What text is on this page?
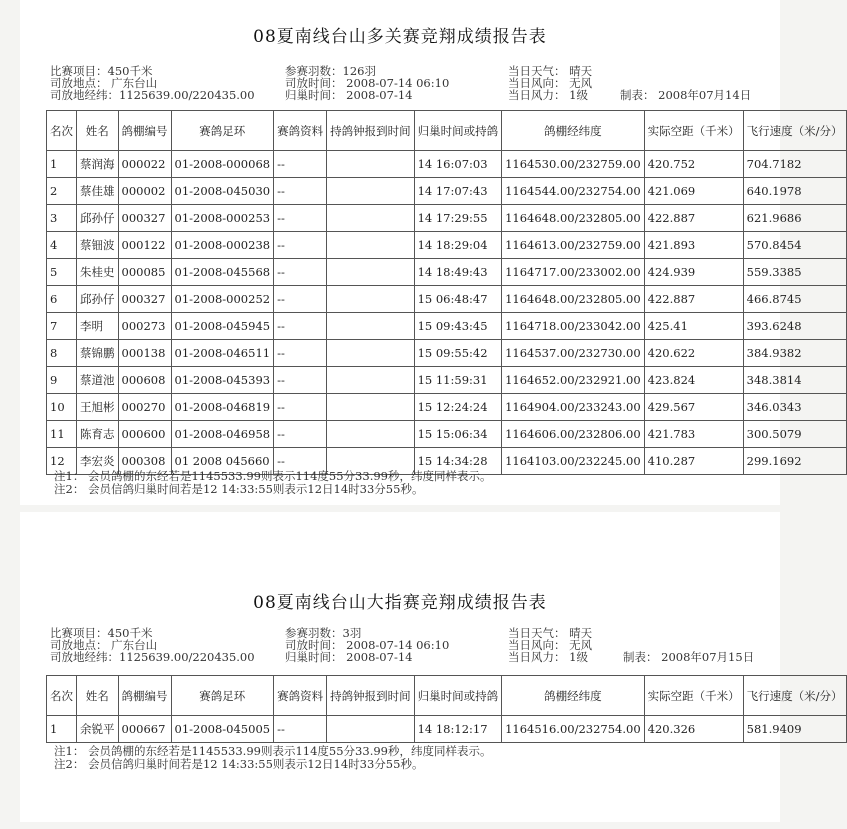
08夏南线台山多关赛竞翔成绩报告表
比赛项目：450千米
司放地点： 广东台山
司放地经纬：1125639.00/220435.00
参赛羽数：126羽
司放时间： 2008-07-14 06:10
归巢时间： 2008-07-14
当日天气： 晴天
当日风向： 无风
当日风力： 1级	制表： 2008年07月14日
名次	姓名	鸽棚编号	赛鸽足环	赛鸽资料	持鸽钟报到时间	归巢时间或持鸽	鸽棚经纬度	实际空距（千米）	飞行速度（米/分）
1	蔡润海	000022	01-2008-000068	--		14 16:07:03	1164530.00/232759.00	420.752	704.7182
2	蔡佳雄	000002	01-2008-045030	--		14 17:07:43	1164544.00/232754.00	421.069	640.1978
3	邱孙仔	000327	01-2008-000253	--		14 17:29:55	1164648.00/232805.00	422.887	621.9686
4	蔡钿波	000122	01-2008-000238	--		14 18:29:04	1164613.00/232759.00	421.893	570.8454
5	朱桂史	000085	01-2008-045568	--		14 18:49:43	1164717.00/233002.00	424.939	559.3385
6	邱孙仔	000327	01-2008-000252	--		15 06:48:47	1164648.00/232805.00	422.887	466.8745
7	李明	000273	01-2008-045945	--		15 09:43:45	1164718.00/233042.00	425.41	393.6248
8	蔡锦鹏	000138	01-2008-046511	--		15 09:55:42	1164537.00/232730.00	420.622	384.9382
9	蔡道池	000608	01-2008-045393	--		15 11:59:31	1164652.00/232921.00	423.824	348.3814
10	王旭彬	000270	01-2008-046819	--		15 12:24:24	1164904.00/233243.00	429.567	346.0343
11	陈育志	000600	01-2008-046958	--		15 15:06:34	1164606.00/232806.00	421.783	300.5079
12	李宏炎	000308	01 2008 045660	--		15 14:34:28	1164103.00/232245.00	410.287	299.1692
注1： 会员鸽棚的东经若是1145533.99则表示114度55分33.99秒，纬度同样表示。
注2： 会员信鸽归巢时间若是12 14:33:55则表示12日14时33分55秒。
08夏南线台山大指赛竞翔成绩报告表
比赛项目：450千米
司放地点： 广东台山
司放地经纬：1125639.00/220435.00
参赛羽数：3羽
司放时间： 2008-07-14 06:10
归巢时间： 2008-07-14
当日天气： 晴天
当日风向： 无风
当日风力： 1级	制表： 2008年07月15日
名次	姓名	鸽棚编号	赛鸽足环	赛鸽资料	持鸽钟报到时间	归巢时间或持鸽	鸽棚经纬度	实际空距（千米）	飞行速度（米/分）
1	余锐平	000667	01-2008-045005	--		14 18:12:17	1164516.00/232754.00	420.326	581.9409
注1： 会员鸽棚的东经若是1145533.99则表示114度55分33.99秒，纬度同样表示。
注2： 会员信鸽归巢时间若是12 14:33:55则表示12日14时33分55秒。
